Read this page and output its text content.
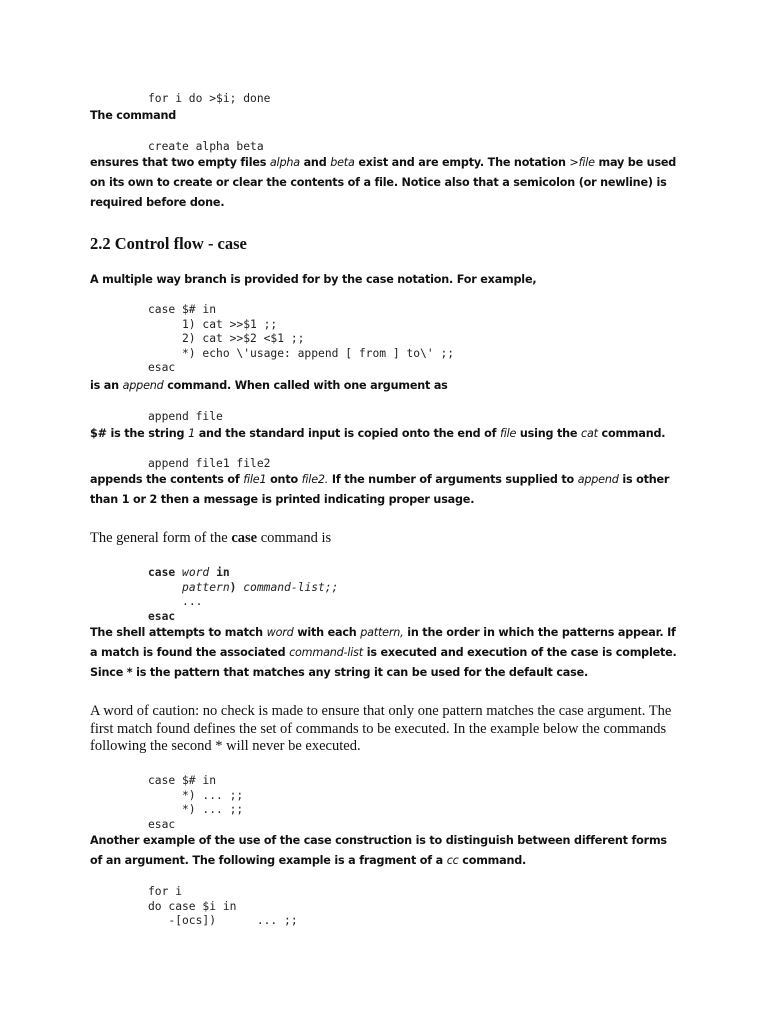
for i do >$i; done
The command
create alpha beta
ensures that two empty files alpha and beta exist and are empty. The notation >file may be used on its own to create or clear the contents of a file. Notice also that a semicolon (or newline) is required before done.
2.2 Control flow - case
A multiple way branch is provided for by the case notation. For example,
case $# in
1) cat >>$1 ;;
2) cat >>$2 <$1 ;;
*) echo \'usage: append [ from ] to\' ;;
esac
is an append command. When called with one argument as
append file
$# is the string 1 and the standard input is copied onto the end of file using the cat command.
append file1 file2
appends the contents of file1 onto file2. If the number of arguments supplied to append is other than 1 or 2 then a message is printed indicating proper usage.
The general form of the case command is
case word in
pattern) command-list;;
...
esac
The shell attempts to match word with each pattern, in the order in which the patterns appear. If a match is found the associated command-list is executed and execution of the case is complete. Since * is the pattern that matches any string it can be used for the default case.
A word of caution: no check is made to ensure that only one pattern matches the case argument. The first match found defines the set of commands to be executed. In the example below the commands following the second * will never be executed.
case $# in
*) ... ;;
*) ... ;;
esac
Another example of the use of the case construction is to distinguish between different forms of an argument. The following example is a fragment of a cc command.
for i
do case $i in
-[ocs])      ... ;;
